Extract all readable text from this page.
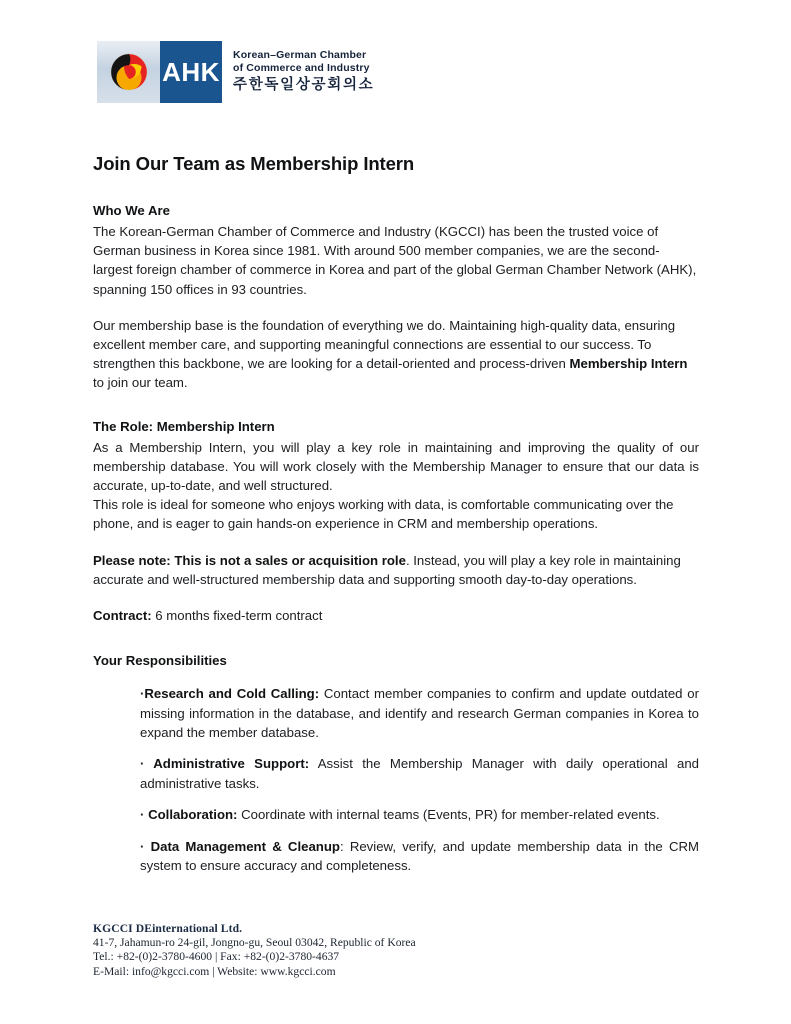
AHK
Korean–German Chamber
of Commerce and Industry
주한독일상공회의소
Join Our Team as Membership Intern
Who We Are

The Korean-German Chamber of Commerce and Industry (KGCCI) has been the trusted voice of German business in Korea since 1981. With around 500 member companies, we are the second-largest foreign chamber of commerce in Korea and part of the global German Chamber Network (AHK), spanning 150 offices in 93 countries.

Our membership base is the foundation of everything we do. Maintaining high-quality data, ensuring excellent member care, and supporting meaningful connections are essential to our success. To strengthen this backbone, we are looking for a detail-oriented and process-driven Membership Intern to join our team.

The Role: Membership Intern

As a Membership Intern, you will play a key role in maintaining and improving the quality of our membership database. You will work closely with the Membership Manager to ensure that our data is accurate, up-to-date, and well structured.

This role is ideal for someone who enjoys working with data, is comfortable communicating over the phone, and is eager to gain hands-on experience in CRM and membership operations.

Please note: This is not a sales or acquisition role. Instead, you will play a key role in maintaining accurate and well-structured membership data and supporting smooth day-to-day operations.

Contract: 6 months fixed-term contract

Your Responsibilities
·Research and Cold Calling: Contact member companies to confirm and update outdated or missing information in the database, and identify and research German companies in Korea to expand the member database.
· Administrative Support: Assist the Membership Manager with daily operational and administrative tasks.
· Collaboration: Coordinate with internal teams (Events, PR) for member-related events.
· Data Management & Cleanup: Review, verify, and update membership data in the CRM system to ensure accuracy and completeness.
KGCCI DEinternational Ltd.
41-7, Jahamun-ro 24-gil, Jongno-gu, Seoul 03042, Republic of Korea
Tel.: +82-(0)2-3780-4600 | Fax: +82-(0)2-3780-4637
E-Mail: info@kgcci.com | Website: www.kgcci.com
